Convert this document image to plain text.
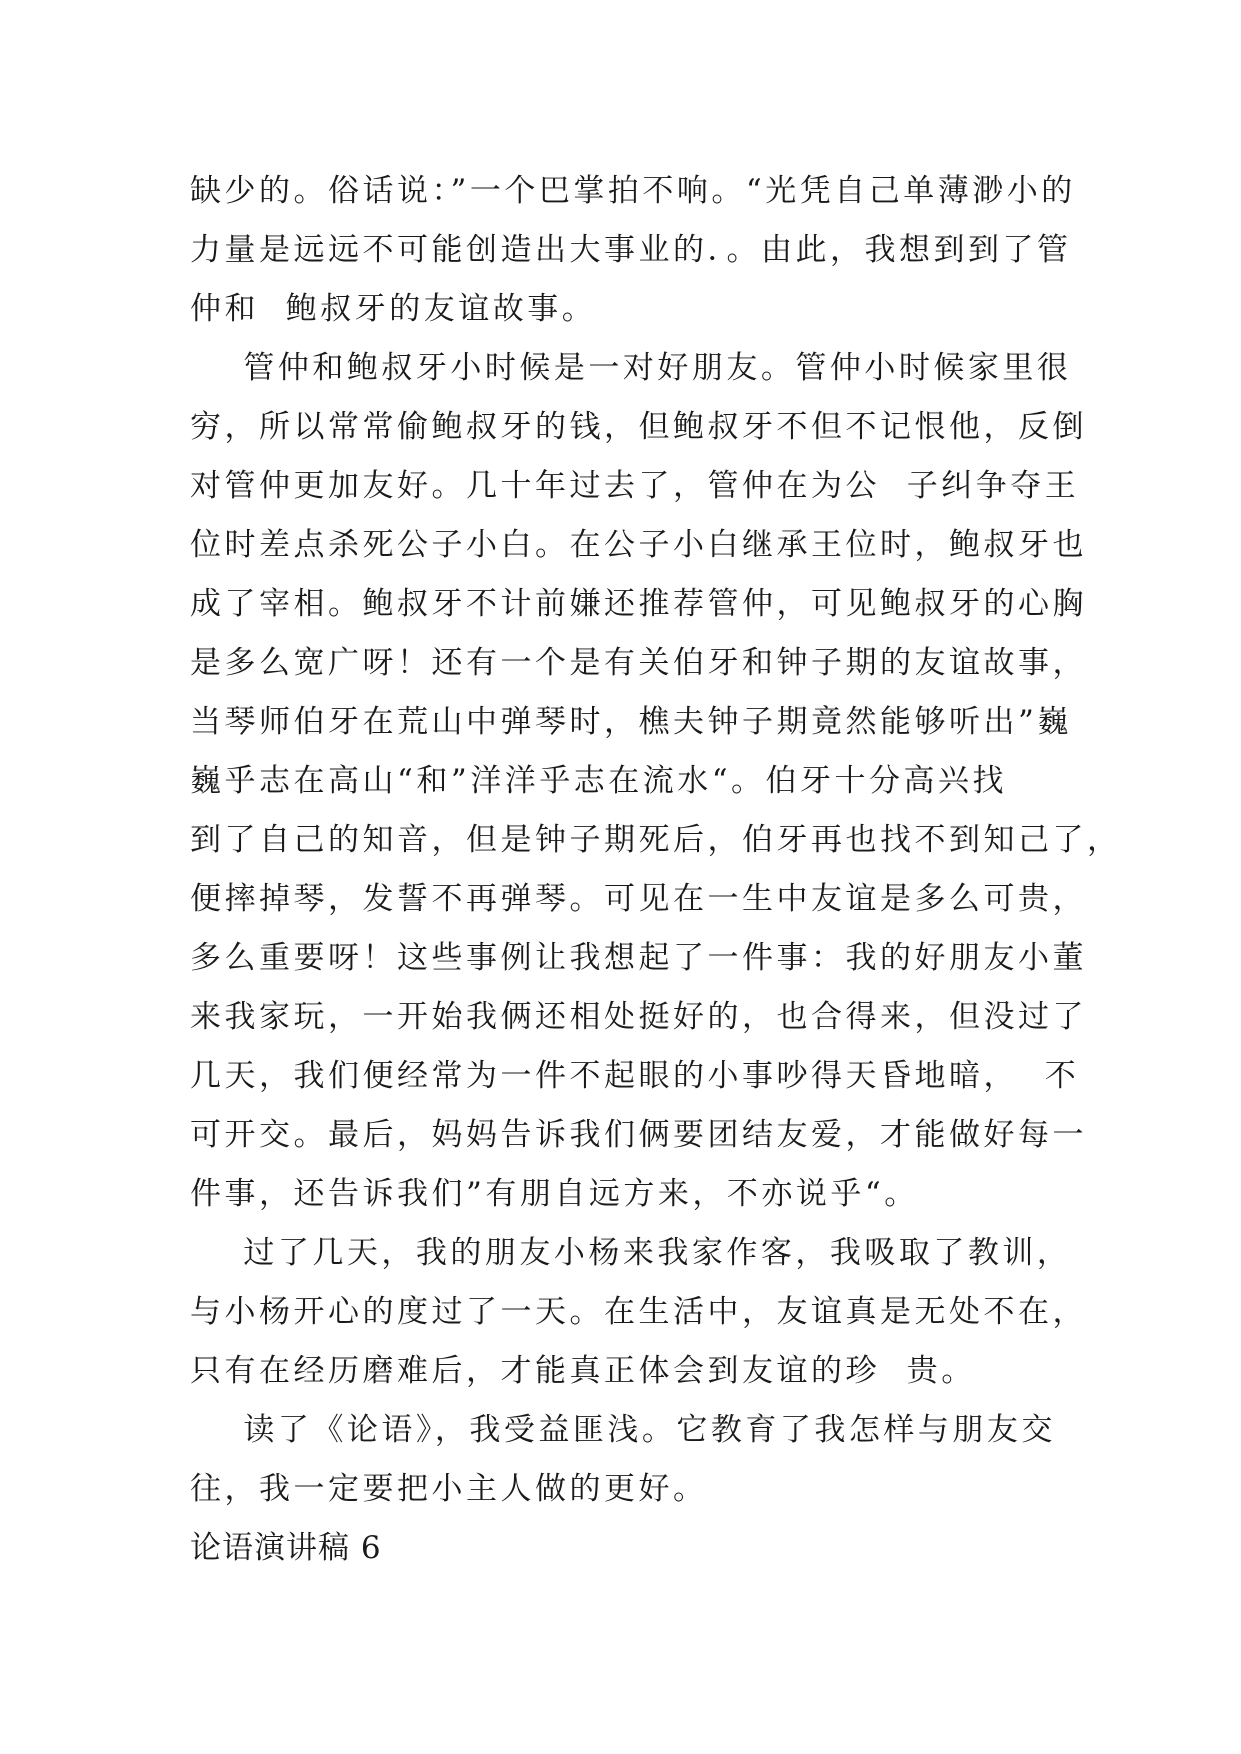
缺少的。俗话说：”一个巴掌拍不响。“光凭自己单薄渺小的
力量是远远不可能创造出大事业的．。由此，我想到到了管
仲和  鲍叔牙的友谊故事。
管仲和鲍叔牙小时候是一对好朋友。管仲小时候家里很
穷，所以常常偷鲍叔牙的钱，但鲍叔牙不但不记恨他，反倒
对管仲更加友好。几十年过去了，管仲在为公  子纠争夺王
位时差点杀死公子小白。在公子小白继承王位时，鲍叔牙也
成了宰相。鲍叔牙不计前嫌还推荐管仲，可见鲍叔牙的心胸
是多么宽广呀！还有一个是有关伯牙和钟子期的友谊故事，
当琴师伯牙在荒山中弹琴时，樵夫钟子期竟然能够听出”巍
巍乎志在高山“和”洋洋乎志在流水“。伯牙十分高兴找
到了自己的知音，但是钟子期死后，伯牙再也找不到知己了，
便摔掉琴，发誓不再弹琴。可见在一生中友谊是多么可贵，
多么重要呀！这些事例让我想起了一件事：我的好朋友小董
来我家玩，一开始我俩还相处挺好的，也合得来，但没过了
几天，我们便经常为一件不起眼的小事吵得天昏地暗，  不
可开交。最后，妈妈告诉我们俩要团结友爱，才能做好每一
件事，还告诉我们”有朋自远方来，不亦说乎“。
过了几天，我的朋友小杨来我家作客，我吸取了教训，
与小杨开心的度过了一天。在生活中，友谊真是无处不在，
只有在经历磨难后，才能真正体会到友谊的珍  贵。
读了《论语》，我受益匪浅。它教育了我怎样与朋友交
往，我一定要把小主人做的更好。
论语演讲稿 6
